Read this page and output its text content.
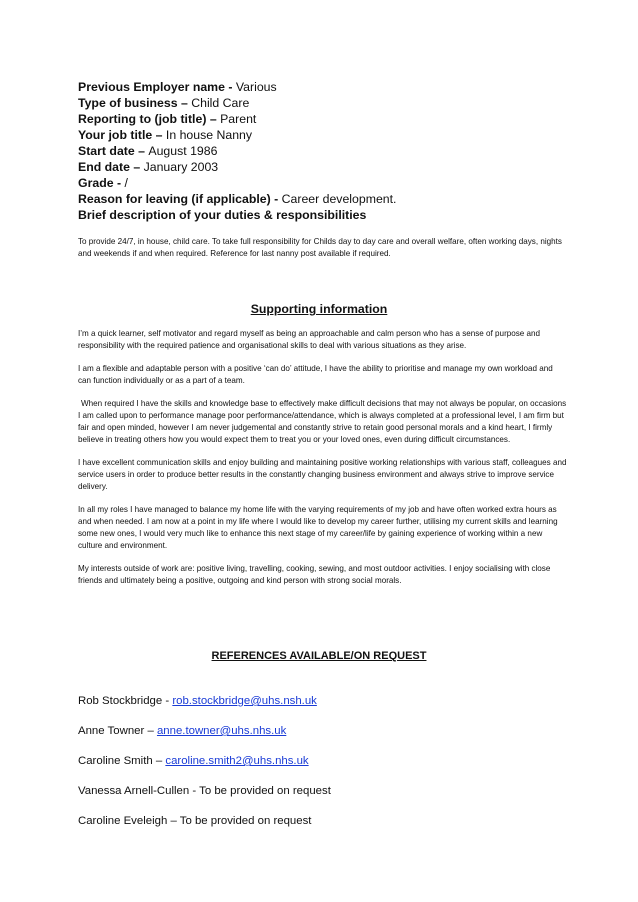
Previous Employer name - Various
Type of business – Child Care
Reporting to (job title) – Parent
Your job title – In house Nanny
Start date – August 1986
End date – January 2003
Grade - /
Reason for leaving (if applicable) - Career development.
Brief description of your duties & responsibilities
To provide 24/7, in house, child care. To take full responsibility for Childs day to day care and overall welfare, often working days, nights and weekends if and when required. Reference for last nanny post available if required.
Supporting information

I’m a quick learner, self motivator and regard myself as being an approachable and calm person who has a sense of purpose and responsibility with the required patience and organisational skills to deal with various situations as they arise.

I am a flexible and adaptable person with a positive ‘can do’ attitude, I have the ability to prioritise and manage my own workload and can function individually or as a part of a team.

When required I have the skills and knowledge base to effectively make difficult decisions that may not always be popular, on occasions I am called upon to performance manage poor performance/attendance, which is always completed at a professional level, I am firm but fair and open minded, however I am never judgemental and constantly strive to retain good personal morals and a kind heart, I firmly believe in treating others how you would expect them to treat you or your loved ones, even during difficult circumstances.

I have excellent communication skills and enjoy building and maintaining positive working relationships with various staff, colleagues and service users in order to produce better results in the constantly changing business environment and always strive to improve service delivery.

In all my roles I have managed to balance my home life with the varying requirements of my job and have often worked extra hours as and when needed. I am now at a point in my life where I would like to develop my career further, utilising my current skills and learning some new ones, I would very much like to enhance this next stage of my career/life by gaining experience of working within a new culture and environment.

My interests outside of work are: positive living, travelling, cooking, sewing, and most outdoor activities. I enjoy socialising with close friends and ultimately being a positive, outgoing and kind person with strong social morals.

REFERENCES AVAILABLE/ON REQUEST
Rob Stockbridge - rob.stockbridge@uhs.nsh.uk
Anne Towner – anne.towner@uhs.nhs.uk
Caroline Smith – caroline.smith2@uhs.nhs.uk
Vanessa Arnell-Cullen - To be provided on request
Caroline Eveleigh – To be provided on request
